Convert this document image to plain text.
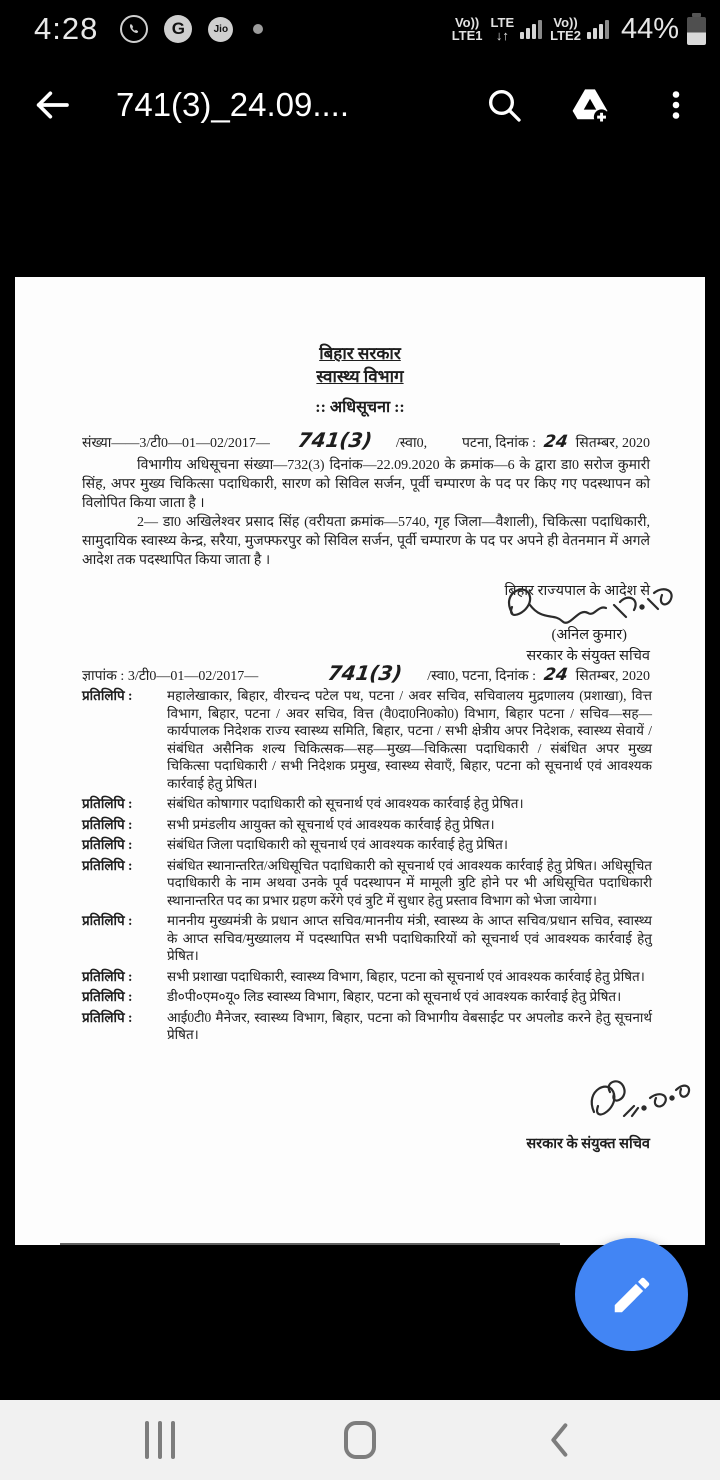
4:28	G	Jio	Vo))
LTE1
LTE
↓↑
Vo))
LTE2 44%
741(3)_24.09....
बिहार सरकार
स्वास्थ्य विभाग
:: अधिसूचना ::
संख्या——3/टी0—01—02/2017— 741(3) /स्वा0, पटना, दिनांक : 24 सितम्बर, 2020
विभागीय अधिसूचना संख्या—732(3) दिनांक—22.09.2020 के क्रमांक—6 के द्वारा डा0 सरोज कुमारी सिंह, अपर मुख्य चिकित्सा पदाधिकारी, सारण को सिविल सर्जन, पूर्वी चम्पारण के पद पर किए गए पदस्थापन को विलोपित किया जाता है ।
2— डा0 अखिलेश्वर प्रसाद सिंह (वरीयता क्रमांक—5740, गृह जिला—वैशाली), चिकित्सा पदाधिकारी, सामुदायिक स्वास्थ्य केन्द्र, सरैया, मुजफ्फरपुर को सिविल सर्जन, पूर्वी चम्पारण के पद पर अपने ही वेतनमान में अगले आदेश तक पदस्थापित किया जाता है ।
बिहार राज्यपाल के आदेश से
(अनिल कुमार)
सरकार के संयुक्त सचिव
ज्ञापांक : 3/टी0—01—02/2017—	741(3) /स्वा0, पटना, दिनांक : 24 सितम्बर, 2020
प्रतिलिपि :	महालेखाकार, बिहार, वीरचन्द पटेल पथ, पटना / अवर सचिव, सचिवालय मुद्रणालय (प्रशाखा), वित्त विभाग, बिहार, पटना / अवर सचिव, वित्त (वै0दा0नि0को0) विभाग, बिहार पटना / सचिव—सह—कार्यपालक निदेशक राज्य स्वास्थ्य समिति, बिहार, पटना / सभी क्षेत्रीय अपर निदेशक, स्वास्थ्य सेवायें / संबंधित असैनिक शल्य चिकित्सक—सह—मुख्य—चिकित्सा पदाधिकारी / संबंधित अपर मुख्य चिकित्सा पदाधिकारी / सभी निदेशक प्रमुख, स्वास्थ्य सेवाएँ, बिहार, पटना को सूचनार्थ एवं आवश्यक कार्रवाई हेतु प्रेषित।
प्रतिलिपि :	संबंधित कोषागार पदाधिकारी को सूचनार्थ एवं आवश्यक कार्रवाई हेतु प्रेषित।
प्रतिलिपि :	सभी प्रमंडलीय आयुक्त को सूचनार्थ एवं आवश्यक कार्रवाई हेतु प्रेषित।
प्रतिलिपि :	संबंधित जिला पदाधिकारी को सूचनार्थ एवं आवश्यक कार्रवाई हेतु प्रेषित।
प्रतिलिपि :	संबंधित स्थानान्तरित/अधिसूचित पदाधिकारी को सूचनार्थ एवं आवश्यक कार्रवाई हेतु प्रेषित। अधिसूचित पदाधिकारी के नाम अथवा उनके पूर्व पदस्थापन में मामूली त्रुटि होने पर भी अधिसूचित पदाधिकारी स्थानान्तरित पद का प्रभार ग्रहण करेंगे एवं त्रुटि में सुधार हेतु प्रस्ताव विभाग को भेजा जायेगा।
प्रतिलिपि :	माननीय मुख्यमंत्री के प्रधान आप्त सचिव/माननीय मंत्री, स्वास्थ्य के आप्त सचिव/प्रधान सचिव, स्वास्थ्य के आप्त सचिव/मुख्यालय में पदस्थापित सभी पदाधिकारियों को सूचनार्थ एवं आवश्यक कार्रवाई हेतु प्रेषित।
प्रतिलिपि :	सभी प्रशाखा पदाधिकारी, स्वास्थ्य विभाग, बिहार, पटना को सूचनार्थ एवं आवश्यक कार्रवाई हेतु प्रेषित।
प्रतिलिपि :	डी०पी०एम०यू० लिड स्वास्थ्य विभाग, बिहार, पटना को सूचनार्थ एवं आवश्यक कार्रवाई हेतु प्रेषित।
प्रतिलिपि :	आई0टी0 मैनेजर, स्वास्थ्य विभाग, बिहार, पटना को विभागीय वेबसाईट पर अपलोड करने हेतु सूचनार्थ प्रेषित।
सरकार के संयुक्त सचिव
